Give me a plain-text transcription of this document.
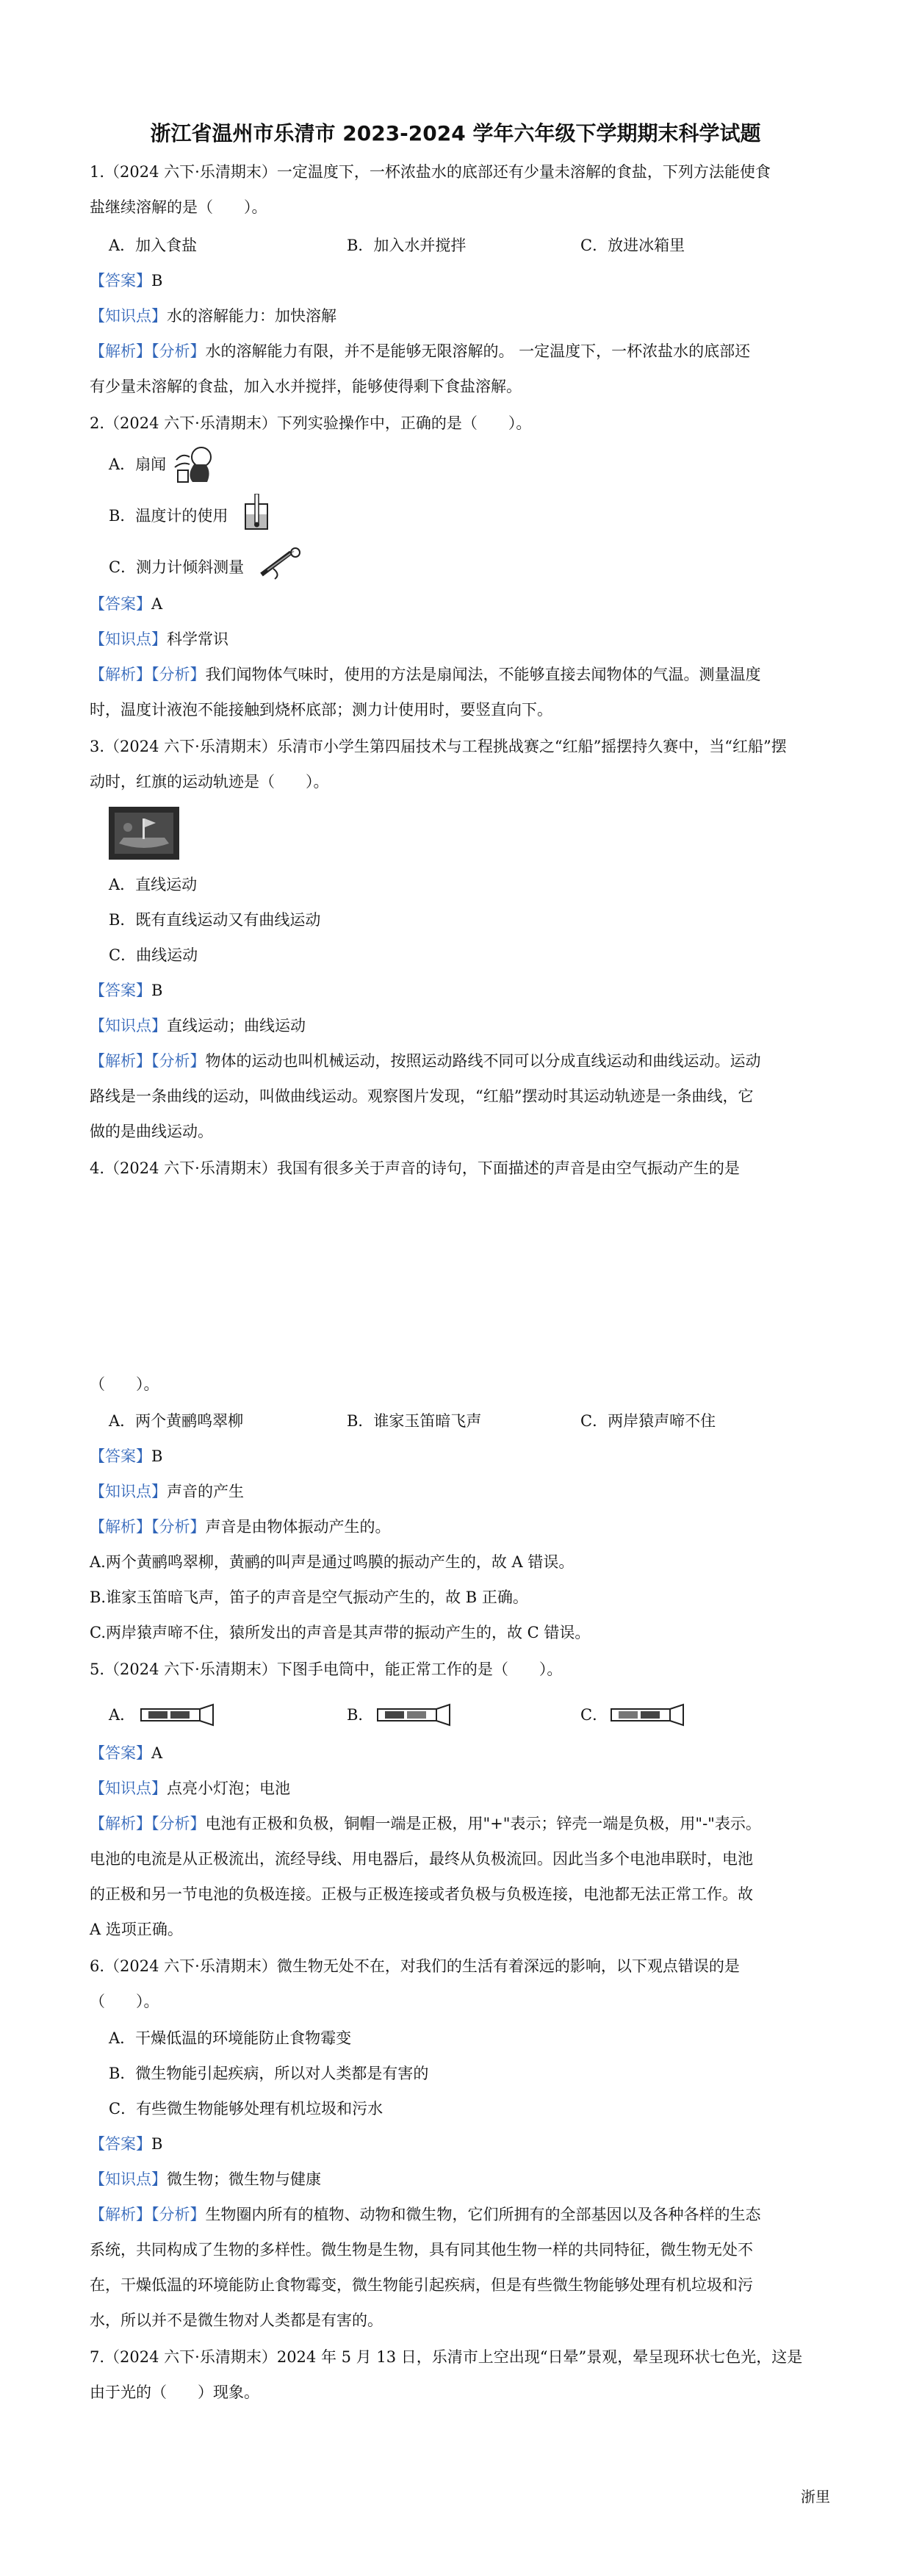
浙江省温州市乐清市 2023-2024 学年六年级下学期期末科学试题
1.（2024 六下·乐清期末）一定温度下，一杯浓盐水的底部还有少量未溶解的食盐，下列方法能使食
盐继续溶解的是（　　）。
A．加入食盐	B．加入水并搅拌	C．放进冰箱里
【答案】B
【知识点】水的溶解能力：加快溶解
【解析】【分析】水的溶解能力有限，并不是能够无限溶解的。 一定温度下，一杯浓盐水的底部还
有少量未溶解的食盐，加入水并搅拌，能够使得剩下食盐溶解。
2.（2024 六下·乐清期末）下列实验操作中，正确的是（　　）。
A．扇闻
B．温度计的使用
C．测力计倾斜测量
【答案】A
【知识点】科学常识
【解析】【分析】我们闻物体气味时，使用的方法是扇闻法，不能够直接去闻物体的气温。测量温度
时，温度计液泡不能接触到烧杯底部；测力计使用时，要竖直向下。
3.（2024 六下·乐清期末）乐清市小学生第四届技术与工程挑战赛之“红船”摇摆持久赛中，当“红船”摆
动时，红旗的运动轨迹是（　　）。
A．直线运动
B．既有直线运动又有曲线运动
C．曲线运动
【答案】B
【知识点】直线运动；曲线运动
【解析】【分析】物体的运动也叫机械运动，按照运动路线不同可以分成直线运动和曲线运动。运动
路线是一条曲线的运动，叫做曲线运动。观察图片发现，“红船”摆动时其运动轨迹是一条曲线，它
做的是曲线运动。
4.（2024 六下·乐清期末）我国有很多关于声音的诗句，下面描述的声音是由空气振动产生的是
（　　）。
A．两个黄鹂鸣翠柳	B．谁家玉笛暗飞声	C．两岸猿声啼不住
【答案】B
【知识点】声音的产生
【解析】【分析】声音是由物体振动产生的。
A.两个黄鹂鸣翠柳，黄鹂的叫声是通过鸣膜的振动产生的，故 A 错误。
B.谁家玉笛暗飞声，笛子的声音是空气振动产生的，故 B 正确。
C.两岸猿声啼不住，猿所发出的声音是其声带的振动产生的，故 C 错误。
5.（2024 六下·乐清期末）下图手电筒中，能正常工作的是（　　）。
A．	B．	C．
【答案】A
【知识点】点亮小灯泡；电池
【解析】【分析】电池有正极和负极，铜帽一端是正极，用"+"表示；锌壳一端是负极，用"-"表示。
电池的电流是从正极流出，流经导线、用电器后，最终从负极流回。因此当多个电池串联时，电池
的正极和另一节电池的负极连接。正极与正极连接或者负极与负极连接，电池都无法正常工作。故
A 选项正确。
6.（2024 六下·乐清期末）微生物无处不在，对我们的生活有着深远的影响，以下观点错误的是
（　　）。
A．干燥低温的环境能防止食物霉变
B．微生物能引起疾病，所以对人类都是有害的
C．有些微生物能够处理有机垃圾和污水
【答案】B
【知识点】微生物；微生物与健康
【解析】【分析】生物圈内所有的植物、动物和微生物，它们所拥有的全部基因以及各种各样的生态
系统，共同构成了生物的多样性。微生物是生物，具有同其他生物一样的共同特征，微生物无处不
在，干燥低温的环境能防止食物霉变，微生物能引起疾病，但是有些微生物能够处理有机垃圾和污
水，所以并不是微生物对人类都是有害的。
7.（2024 六下·乐清期末）2024 年 5 月 13 日，乐清市上空出现“日晕”景观，晕呈现环状七色光，这是
由于光的（　　）现象。
浙里
